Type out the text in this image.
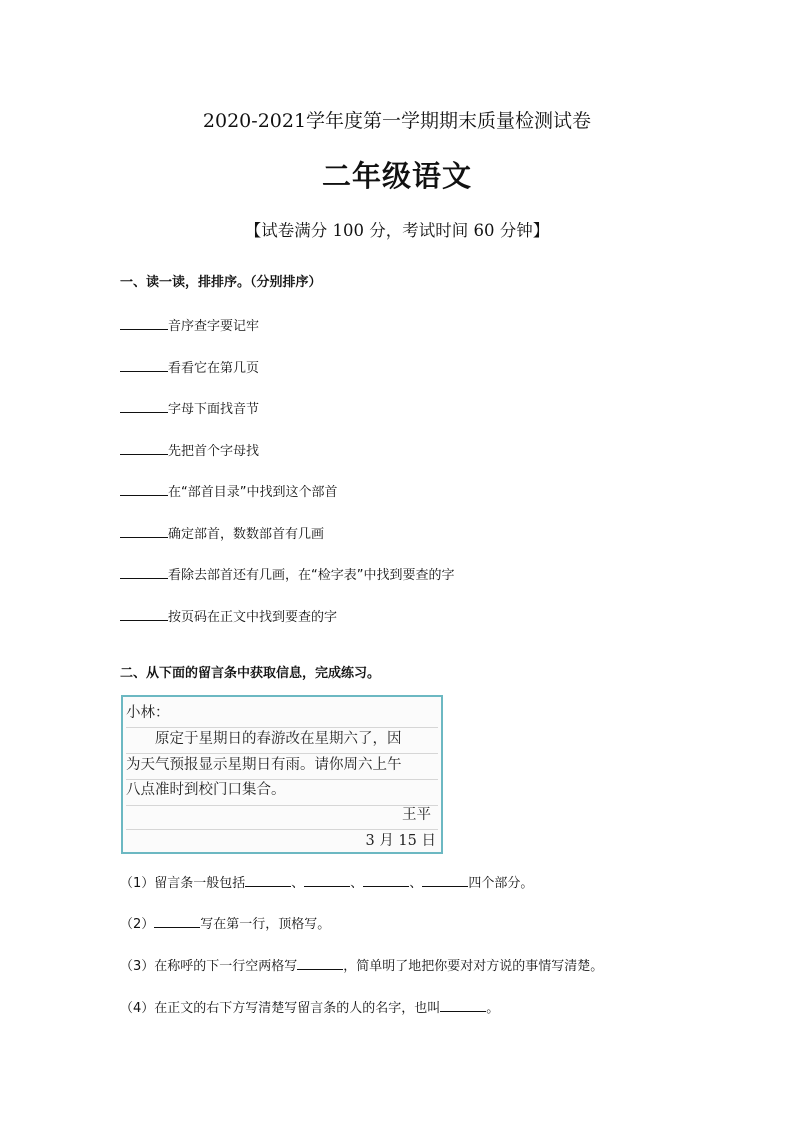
2020-2021学年度第一学期期末质量检测试卷
二年级语文
【试卷满分 100 分，考试时间 60 分钟】
一、读一读，排排序。（分别排序）
音序查字要记牢
看看它在第几页
字母下面找音节
先把首个字母找
在“部首目录”中找到这个部首
确定部首，数数部首有几画
看除去部首还有几画，在“检字表”中找到要查的字
按页码在正文中找到要查的字
二、从下面的留言条中获取信息，完成练习。
小林：
原定于星期日的春游改在星期六了，因
为天气预报显示星期日有雨。请你周六上午
八点准时到校门口集合。
王平
3 月 15 日
（1）留言条一般包括	、	、	、	四个部分。
（2）	写在第一行，顶格写。
（3）在称呼的下一行空两格写	，简单明了地把你要对对方说的事情写清楚。
（4）在正文的右下方写清楚写留言条的人的名字，也叫	。
